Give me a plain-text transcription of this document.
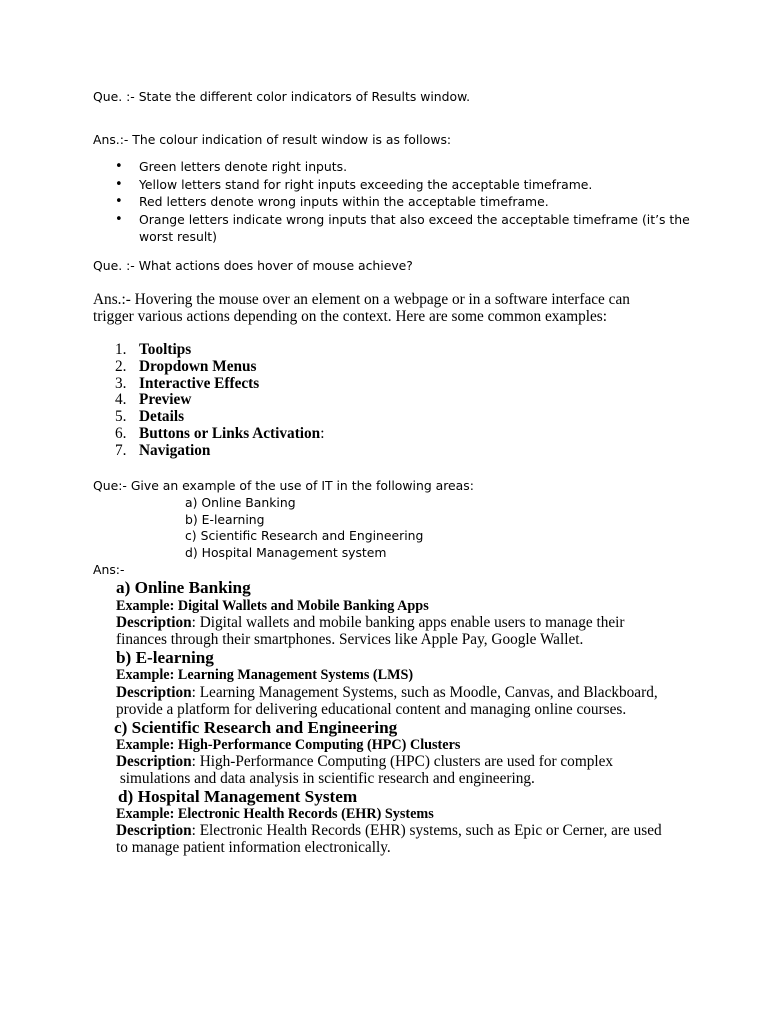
Que. :- State the different color indicators of Results window.
Ans.:- The colour indication of result window is as follows:
• Green letters denote right inputs.
• Yellow letters stand for right inputs exceeding the acceptable timeframe.
• Red letters denote wrong inputs within the acceptable timeframe.
• Orange letters indicate wrong inputs that also exceed the acceptable timeframe (it’s the
worst result)
Que. :- What actions does hover of mouse achieve?
Ans.:- Hovering the mouse over an element on a webpage or in a software interface can
trigger various actions depending on the context. Here are some common examples:
1. Tooltips
2. Dropdown Menus
3. Interactive Effects
4. Preview
5. Details
6. Buttons or Links Activation:
7. Navigation
Que:- Give an example of the use of IT in the following areas:
a) Online Banking
b) E-learning
c) Scientific Research and Engineering
d) Hospital Management system
Ans:-
a) Online Banking
Example: Digital Wallets and Mobile Banking Apps
Description: Digital wallets and mobile banking apps enable users to manage their
finances through their smartphones. Services like Apple Pay, Google Wallet.
b) E-learning
Example: Learning Management Systems (LMS)
Description: Learning Management Systems, such as Moodle, Canvas, and Blackboard,
provide a platform for delivering educational content and managing online courses.
c) Scientific Research and Engineering
Example: High-Performance Computing (HPC) Clusters
Description: High-Performance Computing (HPC) clusters are used for complex
simulations and data analysis in scientific research and engineering.
d) Hospital Management System
Example: Electronic Health Records (EHR) Systems
Description: Electronic Health Records (EHR) systems, such as Epic or Cerner, are used
to manage patient information electronically.
